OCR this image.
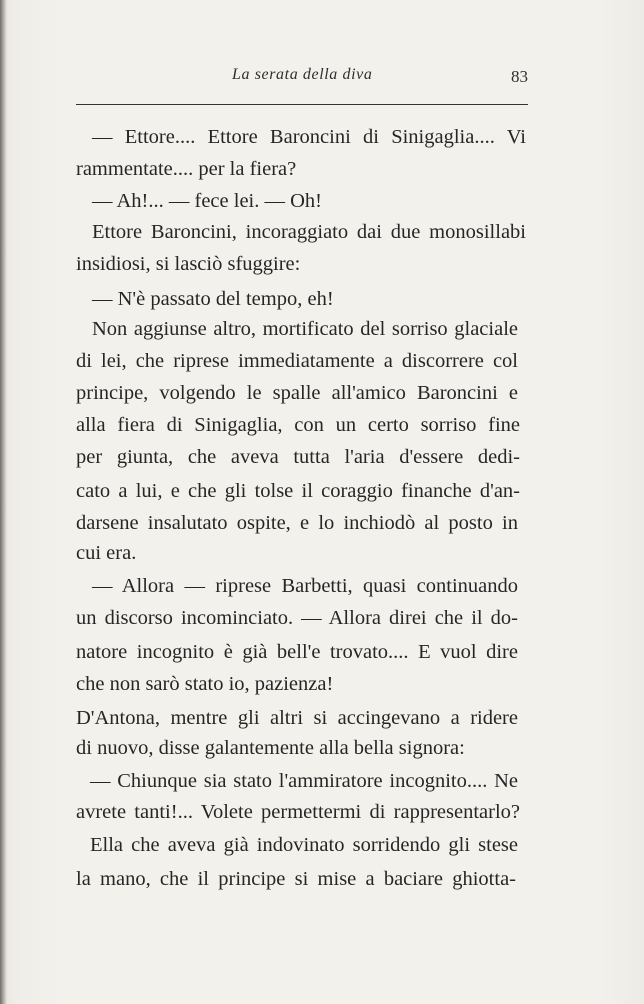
La serata della diva	83
— Ettore.... Ettore Baroncini di Sinigaglia.... Vi
rammentate.... per la fiera?
— Ah!... — fece lei. — Oh!
Ettore Baroncini, incoraggiato dai due monosillabi
insidiosi, si lasciò sfuggire:
— N'è passato del tempo, eh!
Non aggiunse altro, mortificato del sorriso glaciale
di lei, che riprese immediatamente a discorrere col
principe, volgendo le spalle all'amico Baroncini e
alla fiera di Sinigaglia, con un certo sorriso fine
per giunta, che aveva tutta l'aria d'essere dedi-
cato a lui, e che gli tolse il coraggio finanche d'an-
darsene insalutato ospite, e lo inchiodò al posto in
cui era.
— Allora — riprese Barbetti, quasi continuando
un discorso incominciato. — Allora direi che il do-
natore incognito è già bell'e trovato.... E vuol dire
che non sarò stato io, pazienza!
D'Antona, mentre gli altri si accingevano a ridere
di nuovo, disse galantemente alla bella signora:
— Chiunque sia stato l'ammiratore incognito.... Ne
avrete tanti!... Volete permettermi di rappresentarlo?
Ella che aveva già indovinato sorridendo gli stese
la mano, che il principe si mise a baciare ghiotta-
